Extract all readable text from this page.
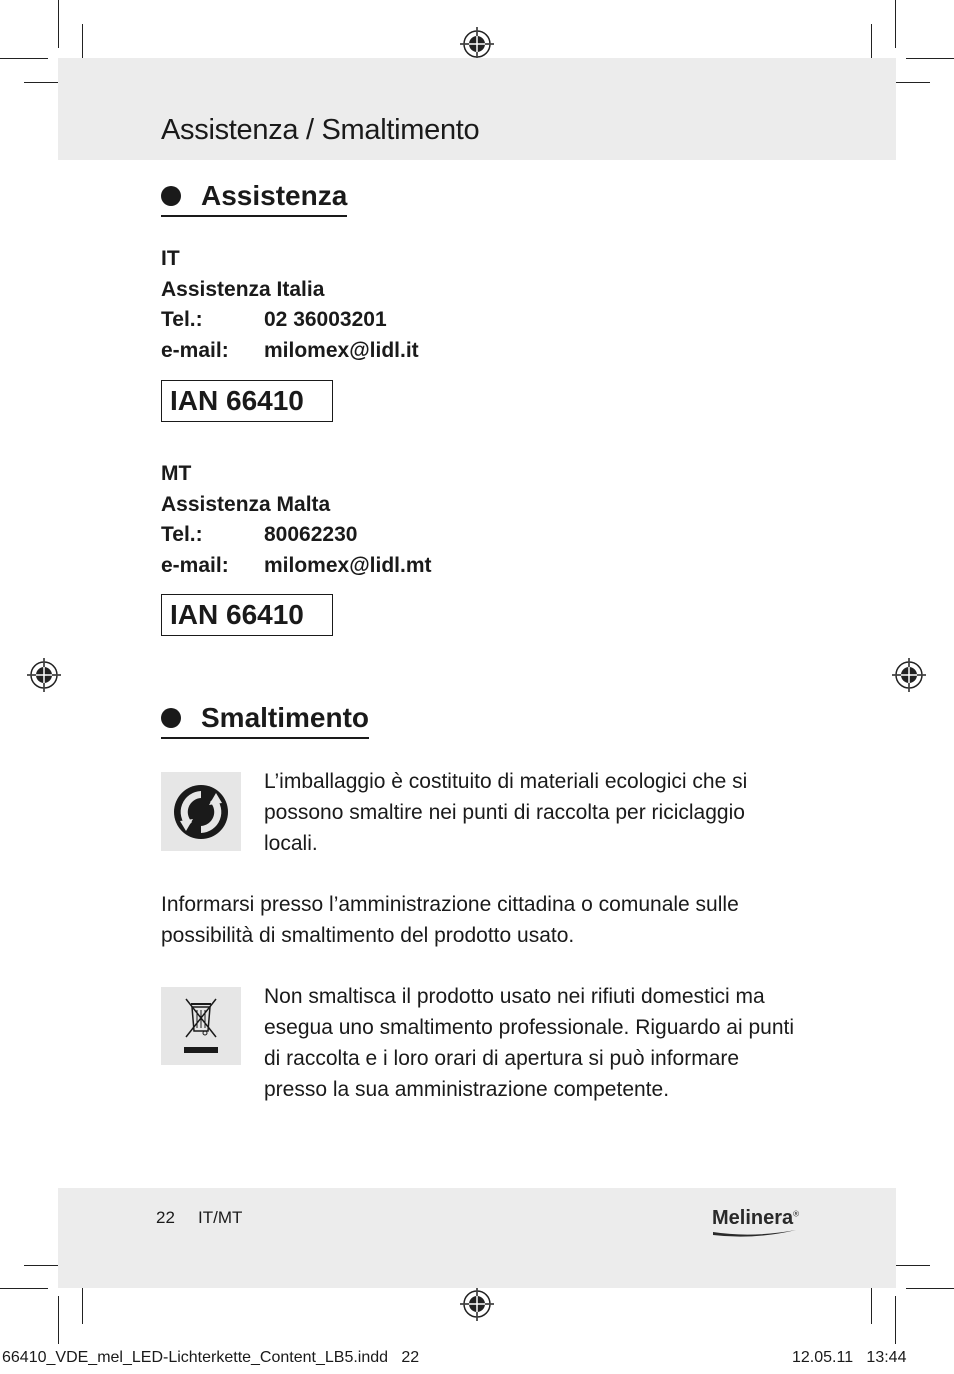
Assistenza / Smaltimento
Assistenza
IT
Assistenza Italia
Tel.:	02 36003201
e-mail:	milomex@lidl.it
IAN 66410
MT
Assistenza Malta
Tel.:	80062230
e-mail:	milomex@lidl.mt
IAN 66410
Smaltimento
L’imballaggio è costituito di materiali ecologici che si possono smaltire nei punti di raccolta per riciclaggio locali.
Informarsi presso l’amministrazione cittadina o comunale sulle possibilità di smaltimento del prodotto usato.
Non smaltisca il prodotto usato nei rifiuti domestici ma esegua uno smaltimento professionale. Riguardo ai punti di raccolta e i loro orari di apertura si può informare presso la sua amministrazione competente.
22 IT/MT	Melinera®
66410_VDE_mel_LED-Lichterkette_Content_LB5.indd   22	12.05.11   13:44
